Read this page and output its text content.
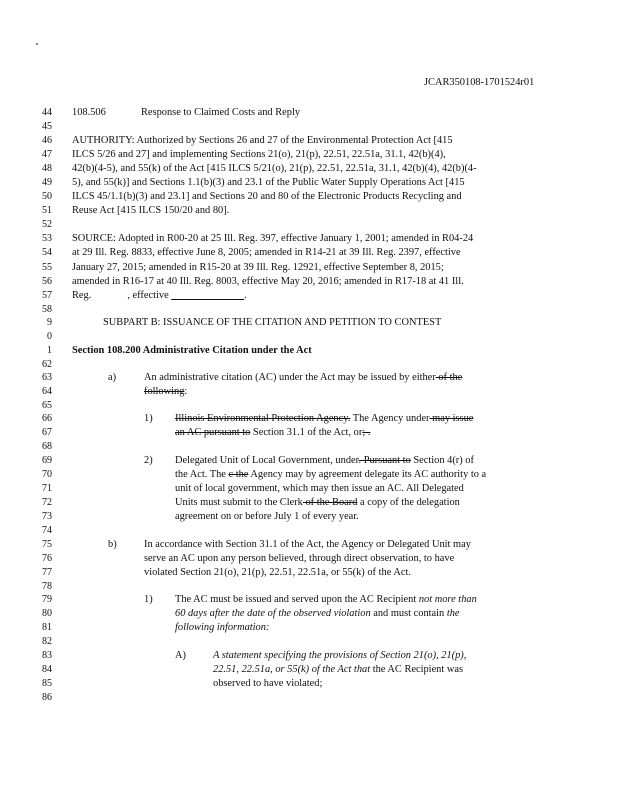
JCAR350108-1701524r01
44
45
46
47
48
49
50
51
52
53
54
55
56
57
58
9
0
1
62
63
64
65
66
67
68
69
70
71
72
73
74
75
76
77
78
79
80
81
82
83
84
85
86
108.506	Response to Claimed Costs and Reply
AUTHORITY: Authorized by Sections 26 and 27 of the Environmental Protection Act [415
ILCS 5/26 and 27] and implementing Sections 21(o), 21(p), 22.51, 22.51a, 31.1, 42(b)(4),
42(b)(4-5), and 55(k) of the Act [415 ILCS 5/21(o), 21(p), 22.51, 22.51a, 31.1, 42(b)(4), 42(b)(4-
5), and 55(k)] and Sections 1.1(b)(3) and 23.1 of the Public Water Supply Operations Act [415
ILCS 45/1.1(b)(3) and 23.1] and Sections 20 and 80 of the Electronic Products Recycling and
Reuse Act [415 ILCS 150/20 and 80].
SOURCE: Adopted in R00-20 at 25 Ill. Reg. 397, effective January 1, 2001; amended in R04-24
at 29 Ill. Reg. 8833, effective June 8, 2005; amended in R14-21 at 39 Ill. Reg. 2397, effective
January 27, 2015; amended in R15-20 at 39 Ill. Reg. 12921, effective September 8, 2015;
amended in R16-17 at 40 Ill. Reg. 8003, effective May 20, 2016; amended in R17-18 at 41 Ill.
Reg.	, effective ______________.
SUBPART B: ISSUANCE OF THE CITATION AND PETITION TO CONTEST
Section 108.200 Administrative Citation under the Act
a)	An administrative citation (AC) under the Act may be issued by either of the
following:
1) Illinois Environmental Protection Agency. The Agency under may issue
an AC pursuant to Section 31.1 of the Act, or; .
2) Delegated Unit of Local Government, under. Pursuant to Section 4(r) of
the Act. The c the Agency may by agreement delegate its AC authority to a
unit of local government, which may then issue an AC. All Delegated
Units must submit to the Clerk of the Board a copy of the delegation
agreement on or before July 1 of every year.
b)	In accordance with Section 31.1 of the Act, the Agency or Delegated Unit may
serve an AC upon any person believed, through direct observation, to have
violated Section 21(o), 21(p), 22.51, 22.51a, or 55(k) of the Act.
1) The AC must be issued and served upon the AC Recipient not more than
60 days after the date of the observed violation and must contain the
following information:
A)	A statement specifying the provisions of Section 21(o), 21(p),
22.51, 22.51a, or 55(k) of the Act that the AC Recipient was
observed to have violated;
